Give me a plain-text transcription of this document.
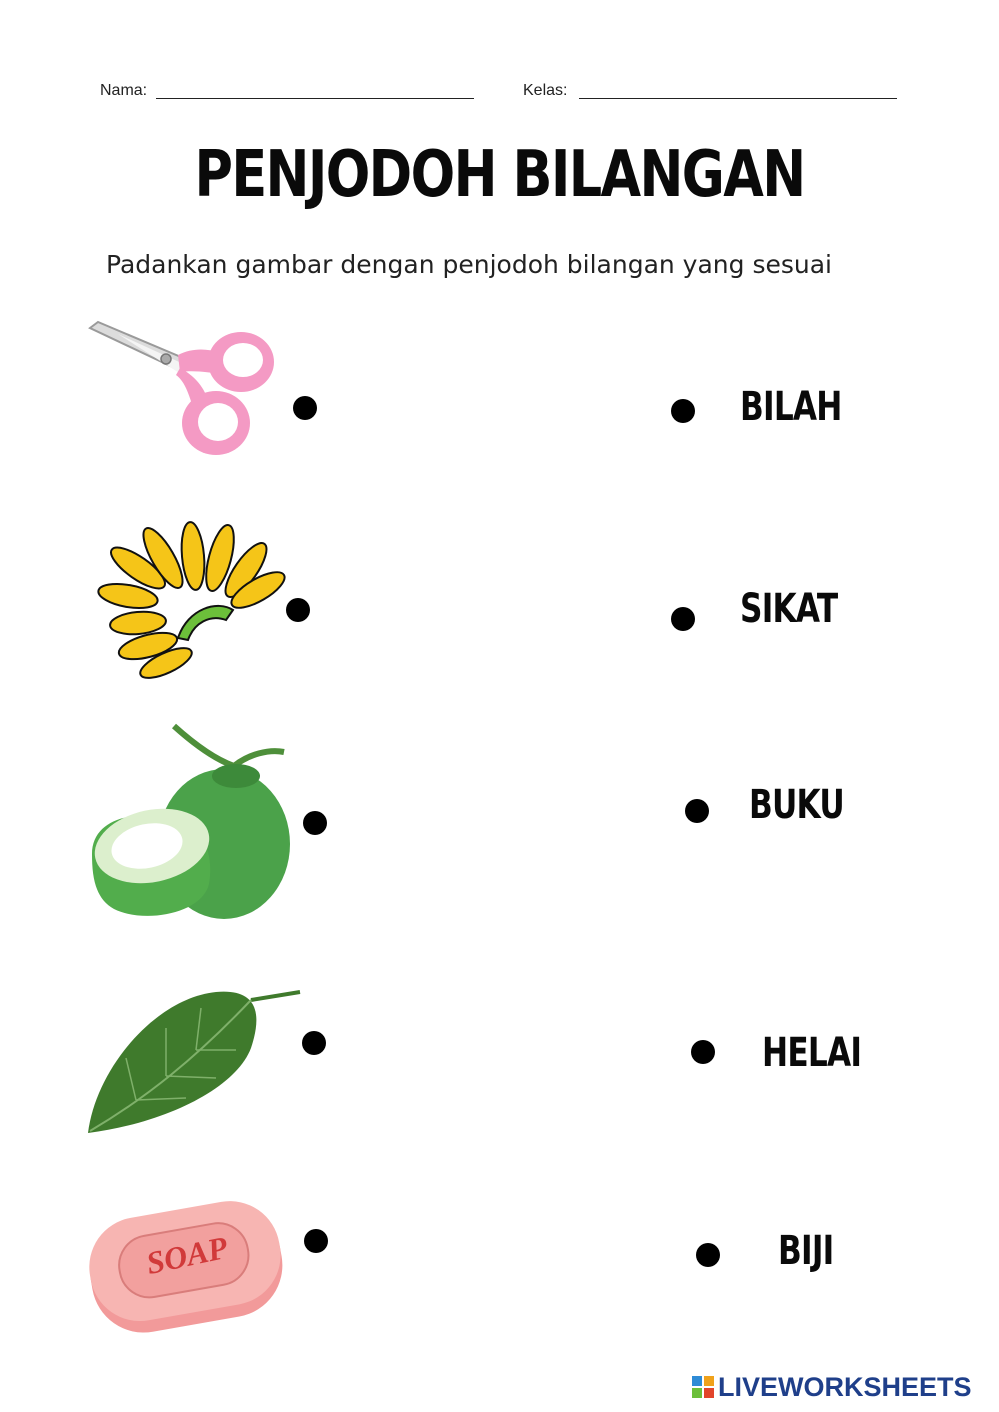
Nama:	Kelas:
PENJODOH BILANGAN
Padankan gambar dengan penjodoh bilangan yang sesuai
SOAP
BILAH
SIKAT
BUKU
HELAI
BIJI
LIVEWORKSHEETS
